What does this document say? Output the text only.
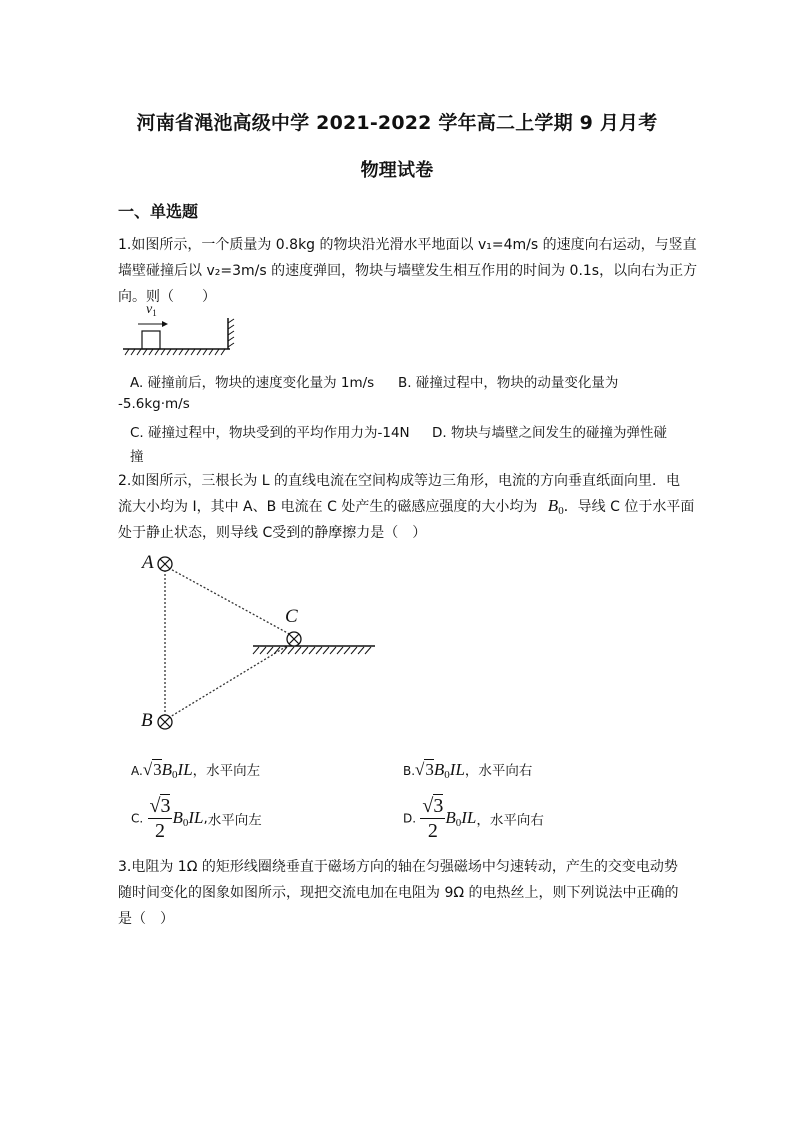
河南省渑池高级中学 2021-2022 学年高二上学期 9 月月考
物理试卷
一、单选题
1.如图所示，一个质量为 0.8kg 的物块沿光滑水平地面以 v₁=4m/s 的速度向右运动，与竖直
墙壁碰撞后以 v₂=3m/s 的速度弹回，物块与墙壁发生相互作用的时间为 0.1s，以向右为正方
向。则（　　）
$v_1$
A. 碰撞前后，物块的速度变化量为 1m/s B. 碰撞过程中，物块的动量变化量为
-5.6kg·m/s
C. 碰撞过程中，物块受到的平均作用力为-14N D. 物块与墙壁之间发生的碰撞为弹性碰
撞
2.如图所示，三根长为 L 的直线电流在空间构成等边三角形，电流的方向垂直纸面向里．电
流大小均为 I，其中 A、B 电流在 C 处产生的磁感应强度的大小均为 $B_0$．导线 C 位于水平面
处于静止状态，则导线 C受到的静摩擦力是（　）
A
B
C
$A.√3B_0IL$，水平向左	$B.√3B_0IL$，水平向右
C. $\frac{√3}{2} B_0IL$,水平向左	D. $\frac{√3}{2} B_0IL$，水平向右
3.电阻为 1Ω 的矩形线圈绕垂直于磁场方向的轴在匀强磁场中匀速转动，产生的交变电动势
随时间变化的图象如图所示，现把交流电加在电阻为 9Ω 的电热丝上，则下列说法中正确的
是（　）
